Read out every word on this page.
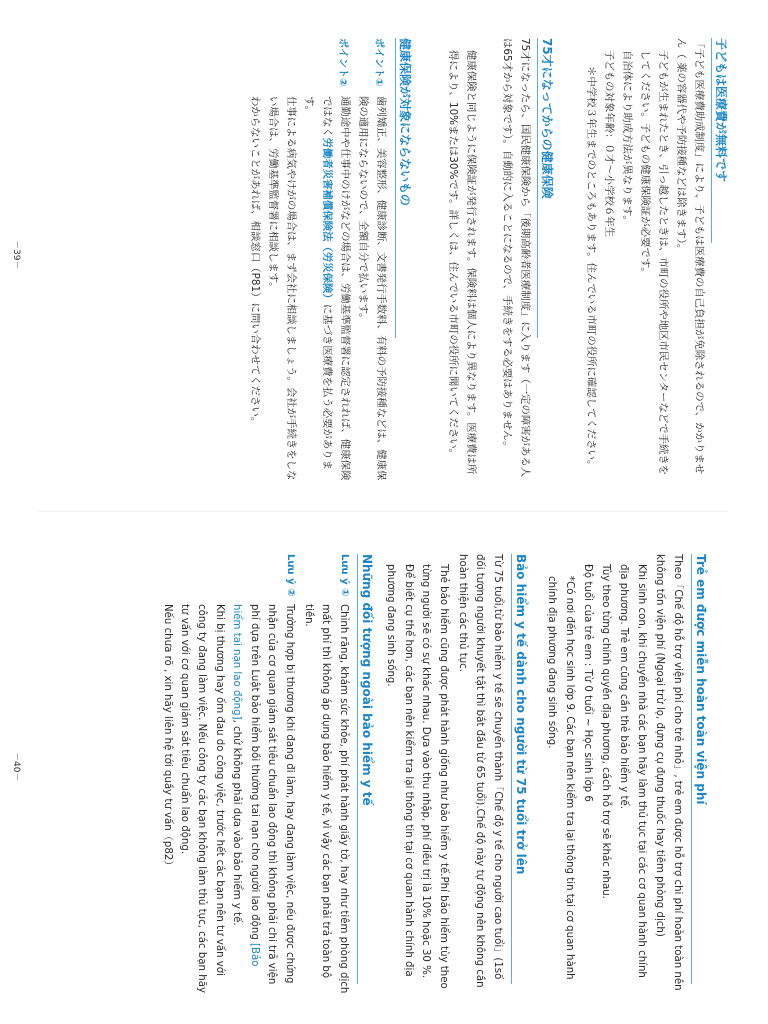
子どもは医療費が無料です

「子ども医療費助成制度」により、子どもは医療費の自己負担が免除されるので、かかりません（ 薬の容器代や予防接種などは除きます）。

子どもが生まれたとき、引っ越したときは、市町の役所や地区市民センターなどで手続きをしてください。子どもの健康保険証が必要です。

自治体により助成方法が異なります。

子どもの対象年齢：０才～小学校６年生

＊中学校３年生までのところもあります。住んでいる市町の役所に確認してください。

75才になってからの健康保険

75才になったら、国民健康保険から「後期高齢者医療制度」に入ります（一定の障害がある人は65才から対象です）。自動的に入ることになるので、手続きをする必要はありません。

健康保険と同じように保険証が発行されます。保険料は個人により異なります。医療費は所得により、10%または30%です。詳しくは、住んでいる市町の役所に聞いてください。

健康保険が対象にならないもの
ポイント①

歯列矯正、美容整形、健康診断、文書発行手数料、有料の予防接種などは、健康保険の適用にならないので、全額自分で払います。

ポイント②

通勤途中や仕事中のけがなどの場合は、労働基準監督署に認定されれば、健康保険ではなく労働者災害補償保険法（労災保険）に基づき医療費を払う必要があります。

仕事による病気やけがの場合は、まず会社に相談しましょう。会社が手続きをしない場合は、労働基準監督署に相談します。

わからないことがあれば、相談窓口（P81）に問い合わせてください。

Trẻ em được miễn hoàn toàn viện phí

Theo「Chế độ hỗ trợ viện phí cho trẻ nhỏ」, trẻ em được hỗ trợ chi phí hoàn toàn nên không tốn viện phí (Ngoại trừ lọ, đựng cụ đựng thuốc hay tiêm phòng dịch)

Khi sinh con, khi chuyển nhà các bạn hãy làm thủ tục tại các cơ quan hành chính địa phương. Trẻ em cũng cần thẻ bảo hiểm y tế.

Tùy theo từng chính quyền địa phương, cách hỗ trợ sẽ khác nhau.

Độ tuổi của trẻ em : Từ 0 tuổi ~ Học sinh lớp 6

*Có nơi đến học sinh lớp 9. Các bạn nên kiểm tra lại thông tin tại cơ quan hành chính địa phương đang sinh sống.

Bảo hiểm y tế dành cho người từ 75 tuổi trở lên

Từ 75 tuổi,từ bảo hiểm y tế sẽ chuyển thành「Chế độ y tế cho người cao tuổi」(1số đối tượng người khuyết tật thì bắt đầu từ 65 tuổi).Chế độ này tự động nên không cần hoàn thiện các thủ tục.

Thẻ bảo hiểm cũng được phát hành giống như bảo hiểm y tế.Phí bảo hiểm tùy theo từng người sẽ có sự khác nhau. Dựa vào thu nhập, phí điều trị là 10% hoặc 30 %. Để biết cụ thể hơn, các bạn nên kiểm tra lại thông tin tại cơ quan hành chính địa phương đang sinh sống.

Những đối tượng ngoài bảo hiểm y tế
Lưu ý ①

Chỉnh răng, khám sức khỏe, phí phát hành giấy tờ, hay như tiêm phòng dịch mất phí thì không áp dụng bảo hiểm y tế, vì vậy các bạn phải trả toàn bộ tiền.

Lưu ý ②

Trường hợp bị thương khi đang đi làm, hay đang làm việc, nếu được chứng nhận của cơ quan giám sát tiêu chuẩn lao động thì không phải chi trả viện phí dựa trên Luật bảo hiểm bồi thường tai nạn cho người lao động [Bảo hiểm tai nạn lao động], chứ không phải dựa vào bảo hiểm y tế.

Khi bị thương hay ốm đau do công việc, trước hết các bạn nên tư vấn với công ty đang làm việc. Nếu công ty các bạn không làm thủ tục, các bạn hãy tư vấn với cơ quan giám sát tiêu chuẩn lao động.

Nếu chưa rõ , xin hãy liên hệ tới quầy tư vấn（p82）

－40－
－39－
